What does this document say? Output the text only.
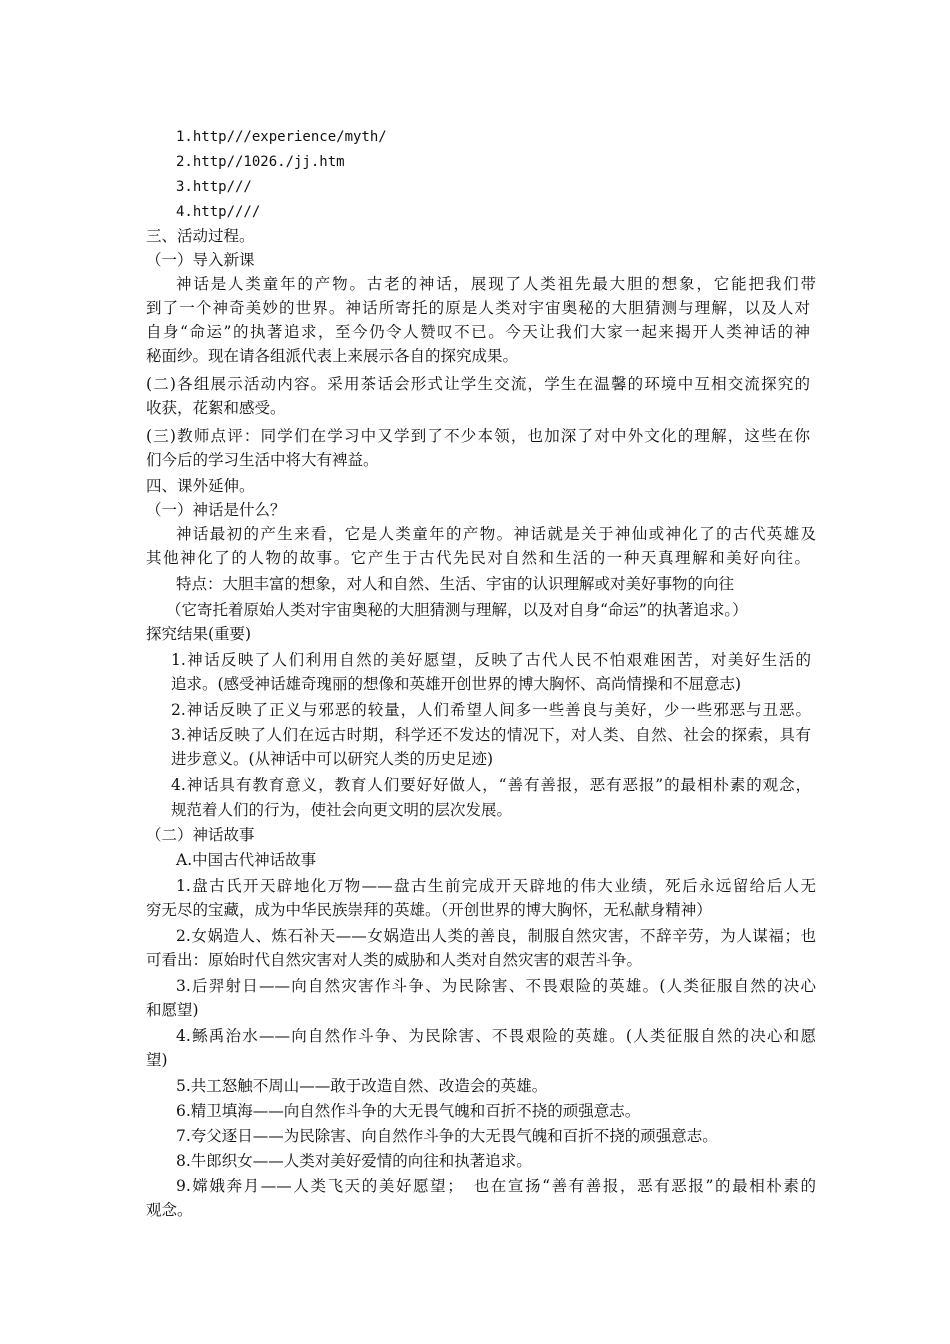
1.http///experience/myth/
2.http//1026./jj.htm
3.http///
4.http////
三、活动过程。
（一）导入新课
神话是人类童年的产物。古老的神话，展现了人类祖先最大胆的想象，它能把我们带
到了一个神奇美妙的世界。神话所寄托的原是人类对宇宙奥秘的大胆猜测与理解，以及人对
自身“命运”的执著追求，至今仍令人赞叹不已。今天让我们大家一起来揭开人类神话的神
秘面纱。现在请各组派代表上来展示各自的探究成果。
(二)各组展示活动内容。采用茶话会形式让学生交流，学生在温馨的环境中互相交流探究的
收获，花絮和感受。
(三)教师点评：同学们在学习中又学到了不少本领，也加深了对中外文化的理解，这些在你
们今后的学习生活中将大有裨益。
四、课外延伸。
（一）神话是什么？
神话最初的产生来看，它是人类童年的产物。神话就是关于神仙或神化了的古代英雄及
其他神化了的人物的故事。它产生于古代先民对自然和生活的一种天真理解和美好向往。
特点：大胆丰富的想象，对人和自然、生活、宇宙的认识理解或对美好事物的向往
（它寄托着原始人类对宇宙奥秘的大胆猜测与理解，以及对自身“命运”的执著追求。）
探究结果(重要)
1.神话反映了人们利用自然的美好愿望，反映了古代人民不怕艰难困苦，对美好生活的
追求。(感受神话雄奇瑰丽的想像和英雄开创世界的博大胸怀、高尚情操和不屈意志)
2.神话反映了正义与邪恶的较量，人们希望人间多一些善良与美好，少一些邪恶与丑恶。
3.神话反映了人们在远古时期，科学还不发达的情况下，对人类、自然、社会的探索，具有
进步意义。(从神话中可以研究人类的历史足迹)
4.神话具有教育意义，教育人们要好好做人，“善有善报，恶有恶报”的最相朴素的观念，
规范着人们的行为，使社会向更文明的层次发展。
（二）神话故事
A.中国古代神话故事
1.盘古氏开天辟地化万物——盘古生前完成开天辟地的伟大业绩，死后永远留给后人无
穷无尽的宝藏，成为中华民族崇拜的英雄。（开创世界的博大胸怀，无私献身精神）
2.女娲造人、炼石补天——女娲造出人类的善良，制服自然灾害，不辞辛劳，为人谋福；也
可看出：原始时代自然灾害对人类的威胁和人类对自然灾害的艰苦斗争。
3.后羿射日——向自然灾害作斗争、为民除害、不畏艰险的英雄。(人类征服自然的决心
和愿望)
4.鲧禹治水——向自然作斗争、为民除害、不畏艰险的英雄。(人类征服自然的决心和愿
望)
5.共工怒触不周山——敢于改造自然、改造会的英雄。
6.精卫填海——向自然作斗争的大无畏气魄和百折不挠的顽强意志。
7.夸父逐日——为民除害、向自然作斗争的大无畏气魄和百折不挠的顽强意志。
8.牛郎织女——人类对美好爱情的向往和执著追求。
9.嫦娥奔月——人类飞天的美好愿望；　也在宣扬“善有善报，恶有恶报”的最相朴素的
观念。
